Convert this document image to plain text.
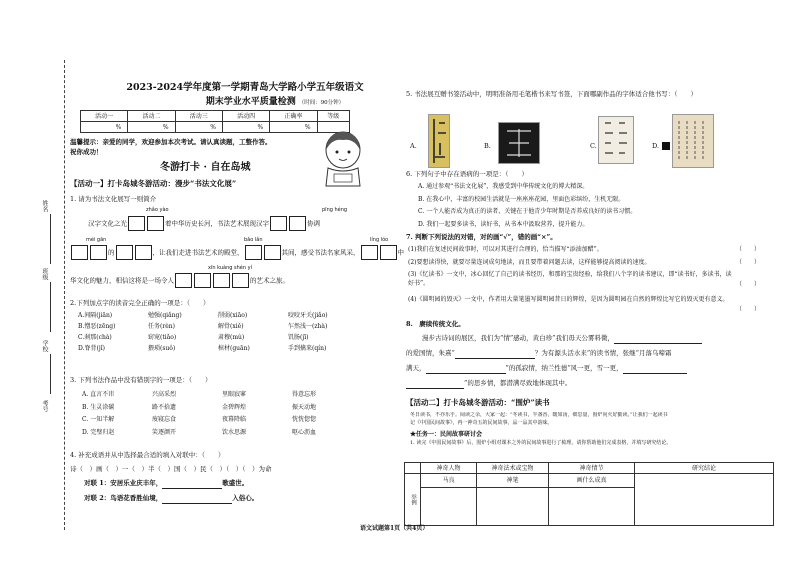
姓名
班级
学校
考号
2023-2024学年度第一学期青岛大学路小学五年级语文
期末学业水平质量检测 （时间：90分钟）
活动一	活动二	活动三	活动四	正确率	等级
%	%	%	%	%	
温馨提示：亲爱的同学，欢迎参加本次考试。请认真读题，工整作答。
祝你成功！
冬游打卡 · 自在岛城
【活动一】打卡岛城冬游活动：漫步“书法文化展”
1. 请为书法文化展写一则简介
zhǎo yào	pīng héng
汉字文化之光	着中华历史长河，书法艺术展现汉字	协调
méi gān	bǎo lǎn	líng lóo
的	，让我们走进书法艺术的殿堂，	其间，感受书法名家风采，	中
xīn kuàng shén yí
华文化的魅力，相信这将是一场令人	的艺术之旅。
2.下列加点字的读音完全正确的一项是：（　　）
A.间隔(jiān)	勉强(qiǎng)	削弱(xiāo)	咬咬牙关(jiǎo)
B.憎恶(zēng)	任务(rèn)	解骨(xiě)	乍然浅一(zhà)
C.刹那(chà)	窈窕(tiǎo)	肃穆(mù)	饥肠(jī)
D.脊背(jǐ)	猥琐(suǒ)	棺材(guān)	手到擒来(qín)
3. 下列书法作品中没有错别字的一项是：（　　）
A. 直言不讳	兴高采烈	里眼寂寥	得意忘形
B. 生灵涂碳	路不拾遗	金碧辉煌	振天动地
C. 一知半解	废寝忘食	夜幕降临	恍恍惚惚
D. 完璧归赵	笑逐颜开	饮水思源	呕心沥血
4. 补充成语并从中选择最合适的填入对联中：（　　）
诗（　）画（　）一（　）半（　）国（　）民（　）（　）（　）为命
对联 1：安居乐业庆丰年，	歌盛世。
对联 2：鸟语花香胜仙境，	入俗心。
5. 书法展互赠书签活动中，明明准备用毛笔楷书来写书签，下面哪副作品的字体适合他书写：（　　）
A.	B.	C.	D.
6. 下列句子中存在语病的一项是：（　　）
A. 通过参观“书法文化展”，我感受到中华传统文化的博大精深。
B. 在我心中，丰富的校园生活就是一座座座花园，里面色彩缤纷，生机无限。
C. 一个人能否成为真正的读者，关键在于他青少年时期是否养成良好的读书习惯。
D. 我们一起要多读书，读好书，从书本中汲取营养，提升能力。
7. 判断下列说法的对错，对的画“√”，错的画“×”。
(1)我们在复述民间故事时，可以对其进行合理的，恰当描写“添油加醋”。
(2)要想读得快，就要尽量连词成句地读，而且要带着问题去读，这样能够提高阅读的速度。
(3)《忆读书》一文中，冰心回忆了自己的读书经历，和那的宝贵经验，给我们八个字的读书建议，即“读书好，多读书，读好书”。
(4)《圆明园的毁灭》一文中，作者用大量笔墨写圆明园昔日的辉煌，是因为圆明园在自然的辉煌比写它的毁灭更有意义。
（　　）
（　　）
（　　）
（　　）
8.　赓续传统文化。
漫步古诗词的展区，我们为“情”感动，黄白珍”我们毋天公雾料微，
的爱国情，朱熹“	？为有源头活水来”的读书情，张继“月落乌啼霜
满天，	”的孤寂情，纳兰性德“风一更，雪一更，
”的思乡情，都潜满尽致地体现其中。
【活动二】打卡岛城冬游活动：“围炉”读书
冬日读书，不亦乐乎。阅读之余，大家一起：“冬读书，半盏香，暖如汤，细思量，围炉向火好勤读。”让我们一起读书
记《中国民间故事》，再一神奇五的民间故事，品一品其中韵味。
★任务一：民间故事研讨会
1. 读完《中国民间故事》后，围炉小组对课本之外的民间故事进行了梳理，请你帮助他们完成表格，并填写研究结论。
	神奇人物	神奇法术或宝物	神奇情节	研究结论
举例	马良	神笔	画什么成真	

语文试题第1页（共4页）
